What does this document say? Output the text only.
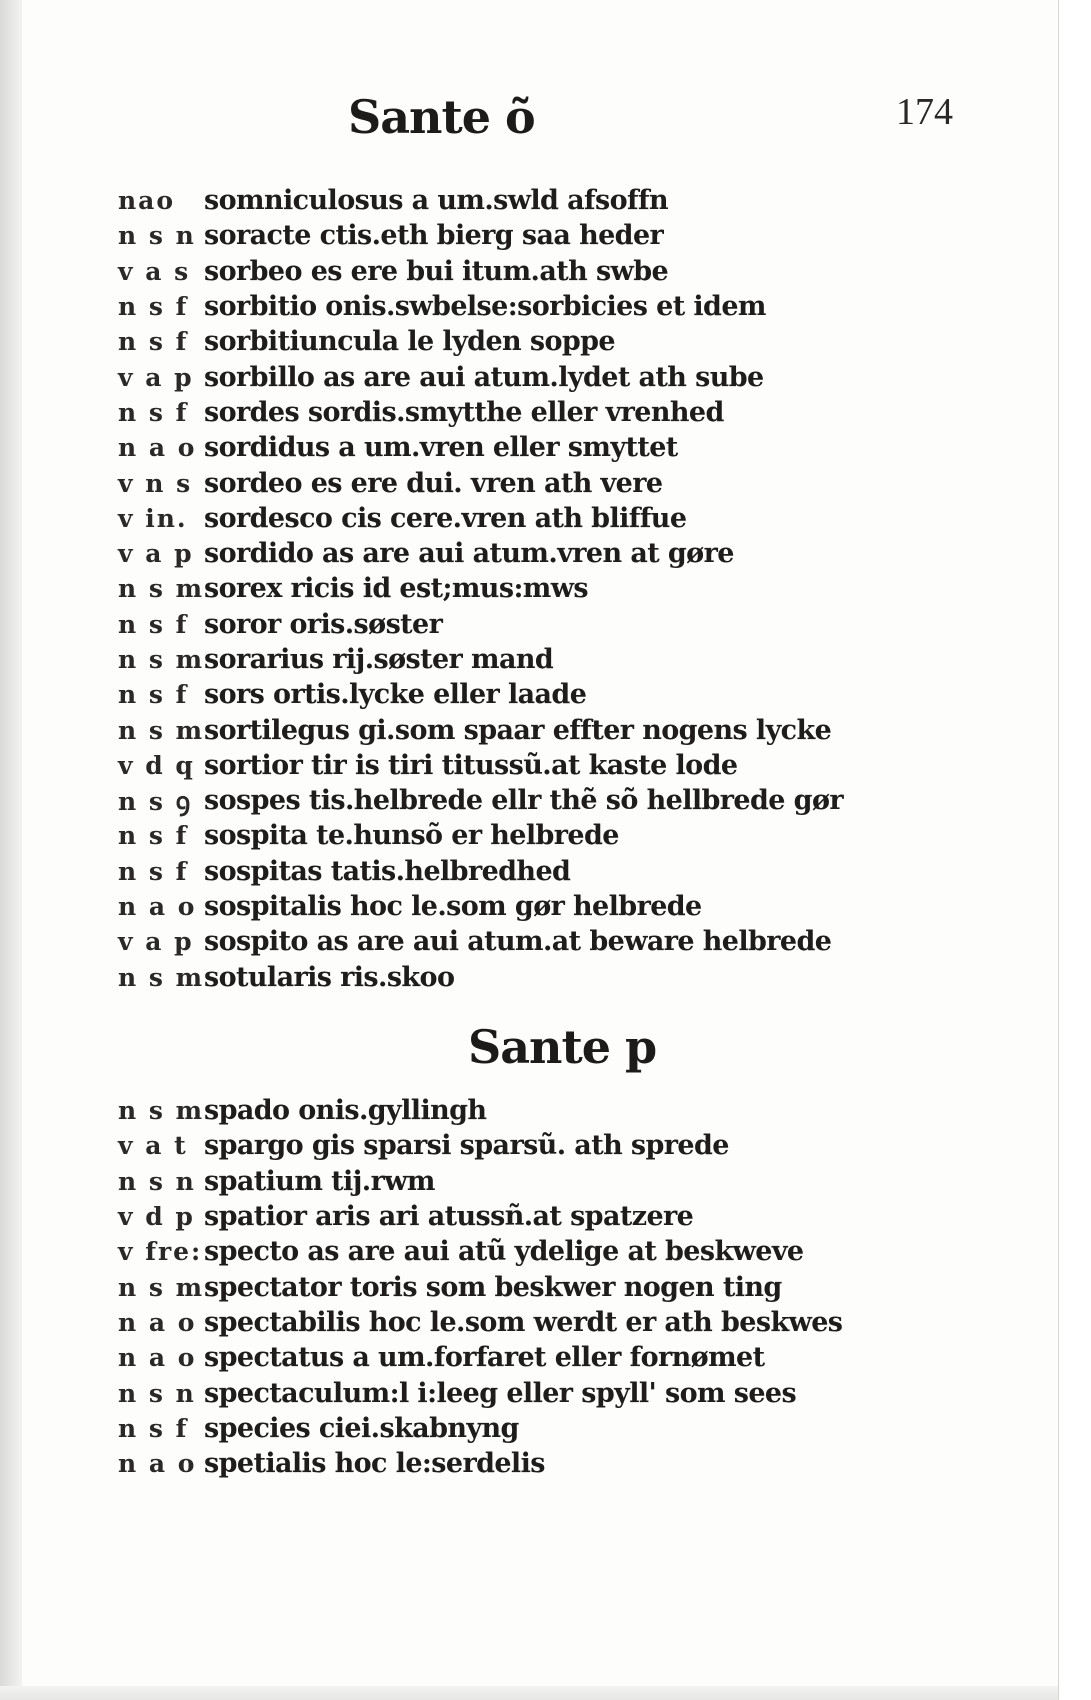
Sante õ	174
nao	somniculosus a um.swld afsoffn
n s n soracte ctis.eth bierg saa heder
v a s sorbeo es ere bui itum.ath swbe
n s f sorbitio onis.swbelse:sorbicies et idem
n s f sorbitiuncula le lyden soppe
v a p sorbillo as are aui atum.lydet ath sube
n s f sordes sordis.smytthe eller vrenhed
n a o sordidus a um.vren eller smyttet
v n s sordeo es ere dui. vren ath vere
v in. sordesco cis cere.vren ath bliffue
v a p sordido as are aui atum.vren at gøre
n s m sorex ricis id est;mus:mws
n s f soror oris.søster
n s m sorarius rij.søster mand
n s f sors ortis.lycke eller laade
n s m sortilegus gi.som spaar effter nogens lycke
v d q sortior tir is tiri titussũ.at kaste lode
n s ꝯ sospes tis.helbrede ellr thẽ sõ hellbrede gør
n s f sospita te.hunsõ er helbrede
n s f sospitas tatis.helbredhed
n a o sospitalis hoc le.som gør helbrede
v a p sospito as are aui atum.at beware helbrede
n s m sotularis ris.skoo
Sante p
n s m spado onis.gyllingh
v a t spargo gis sparsi sparsũ. ath sprede
n s n spatium tij.rwm
v d p spatior aris ari atussñ.at spatzere
v fre: specto as are aui atũ ydelige at beskweve
n s m spectator toris som beskwer nogen ting
n a o spectabilis hoc le.som werdt er ath beskwes
n a o spectatus a um.forfaret eller fornømet
n s n spectaculum:l i:leeg eller spyll' som sees
n s f species ciei.skabnyng
n a o spetialis hoc le:serdelis
